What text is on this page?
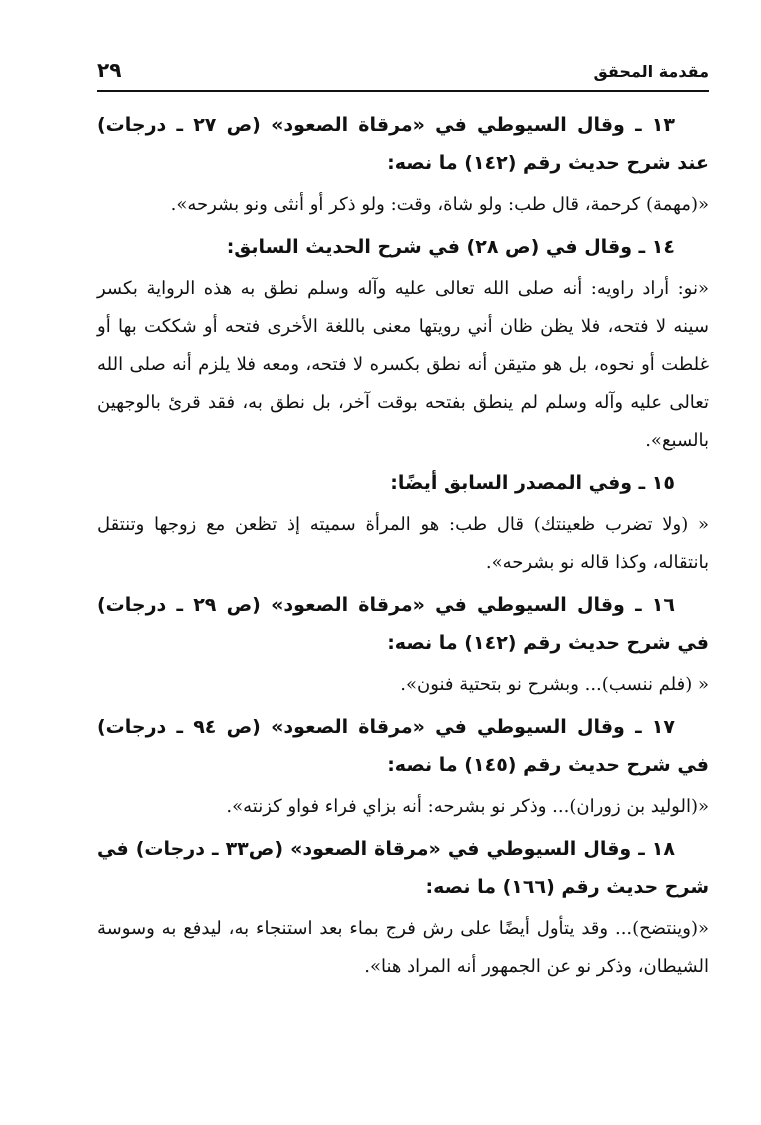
مقدمة المحقق
٢٩

١٣ ـ وقال السيوطي في «مرقاة الصعود» (ص ٢٧ ـ درجات) عند شرح حديث رقم (١٤٢) ما نصه:

«(مهمة) كرحمة، قال طب: ولو شاة، وقت: ولو ذكر أو أنثى ونو بشرحه».

١٤ ـ وقال في (ص ٢٨) في شرح الحديث السابق:

«نو: أراد راويه: أنه صلى الله تعالى عليه وآله وسلم نطق به هذه الرواية بكسر سينه لا فتحه، فلا يظن ظان أني رويتها معنى باللغة الأخرى فتحه أو شككت بها أو غلطت أو نحوه، بل هو متيقن أنه نطق بكسره لا فتحه، ومعه فلا يلزم أنه صلى الله تعالى عليه وآله وسلم لم ينطق بفتحه بوقت آخر، بل نطق به، فقد قرئ بالوجهين بالسبع».

١٥ ـ وفي المصدر السابق أيضًا:

« (ولا تضرب ظعينتك) قال طب: هو المرأة سميته إذ تظعن مع زوجها وتنتقل بانتقاله، وكذا قاله نو بشرحه».

١٦ ـ وقال السيوطي في «مرقاة الصعود» (ص ٢٩ ـ درجات) في شرح حديث رقم (١٤٢) ما نصه:

« (فلم ننسب)... وبشرح نو بتحتية فنون».

١٧ ـ وقال السيوطي في «مرقاة الصعود» (ص ٩٤ ـ درجات) في شرح حديث رقم (١٤٥) ما نصه:

«(الوليد بن زوران)... وذكر نو بشرحه: أنه بزاي فراء فواو كزنته».

١٨ ـ وقال السيوطي في «مرقاة الصعود» (ص٣٣ ـ درجات) في شرح حديث رقم (١٦٦) ما نصه:

«(وينتضح)... وقد يتأول أيضًا على رش فرج بماء بعد استنجاء به، ليدفع به وسوسة الشيطان، وذكر نو عن الجمهور أنه المراد هنا».
